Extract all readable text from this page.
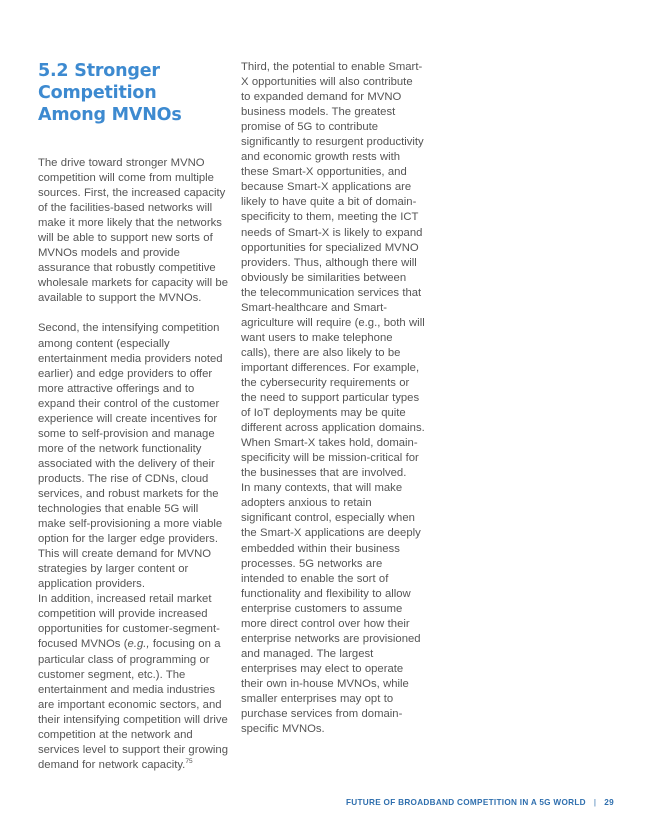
5.2 Stronger Competition
Among MVNOs

The drive toward stronger MVNO competition will come from multiple sources. First, the increased capacity of the facilities-based networks will make it more likely that the networks will be able to support new sorts of MVNOs models and provide assurance that robustly competitive wholesale markets for capacity will be available to support the MVNOs.

Second, the intensifying competition among content (especially entertainment media providers noted earlier) and edge providers to offer more attractive offerings and to expand their control of the customer experience will create incentives for some to self-provision and manage more of the network functionality associated with the delivery of their products. The rise of CDNs, cloud services, and robust markets for the technologies that enable 5G will make self-provisioning a more viable option for the larger edge providers. This will create demand for MVNO strategies by larger content or application providers.

In addition, increased retail market competition will provide increased opportunities for customer-segment-focused MVNOs (e.g., focusing on a particular class of programming or customer segment, etc.). The entertainment and media industries are important economic sectors, and their intensifying competition will drive competition at the network and services level to support their growing demand for network capacity.$^{75}$

Third, the potential to enable Smart-X opportunities will also contribute to expanded demand for MVNO business models. The greatest promise of 5G to contribute significantly to resurgent productivity and economic growth rests with these Smart-X opportunities, and because Smart-X applications are likely to have quite a bit of domain-specificity to them, meeting the ICT needs of Smart-X is likely to expand opportunities for specialized MVNO providers. Thus, although there will obviously be similarities between the telecommunication services that Smart-healthcare and Smart-agriculture will require (e.g., both will want users to make telephone calls), there are also likely to be important differences. For example, the cybersecurity requirements or the need to support particular types of IoT deployments may be quite different across application domains. When Smart-X takes hold, domain-specificity will be mission-critical for the businesses that are involved.

In many contexts, that will make adopters anxious to retain significant control, especially when the Smart-X applications are deeply embedded within their business processes. 5G networks are intended to enable the sort of functionality and flexibility to allow enterprise customers to assume more direct control over how their enterprise networks are provisioned and managed. The largest enterprises may elect to operate their own in-house MVNOs, while smaller enterprises may opt to purchase services from domain-specific MVNOs.

FUTURE OF BROADBAND COMPETITION IN A 5G WORLD | 29
